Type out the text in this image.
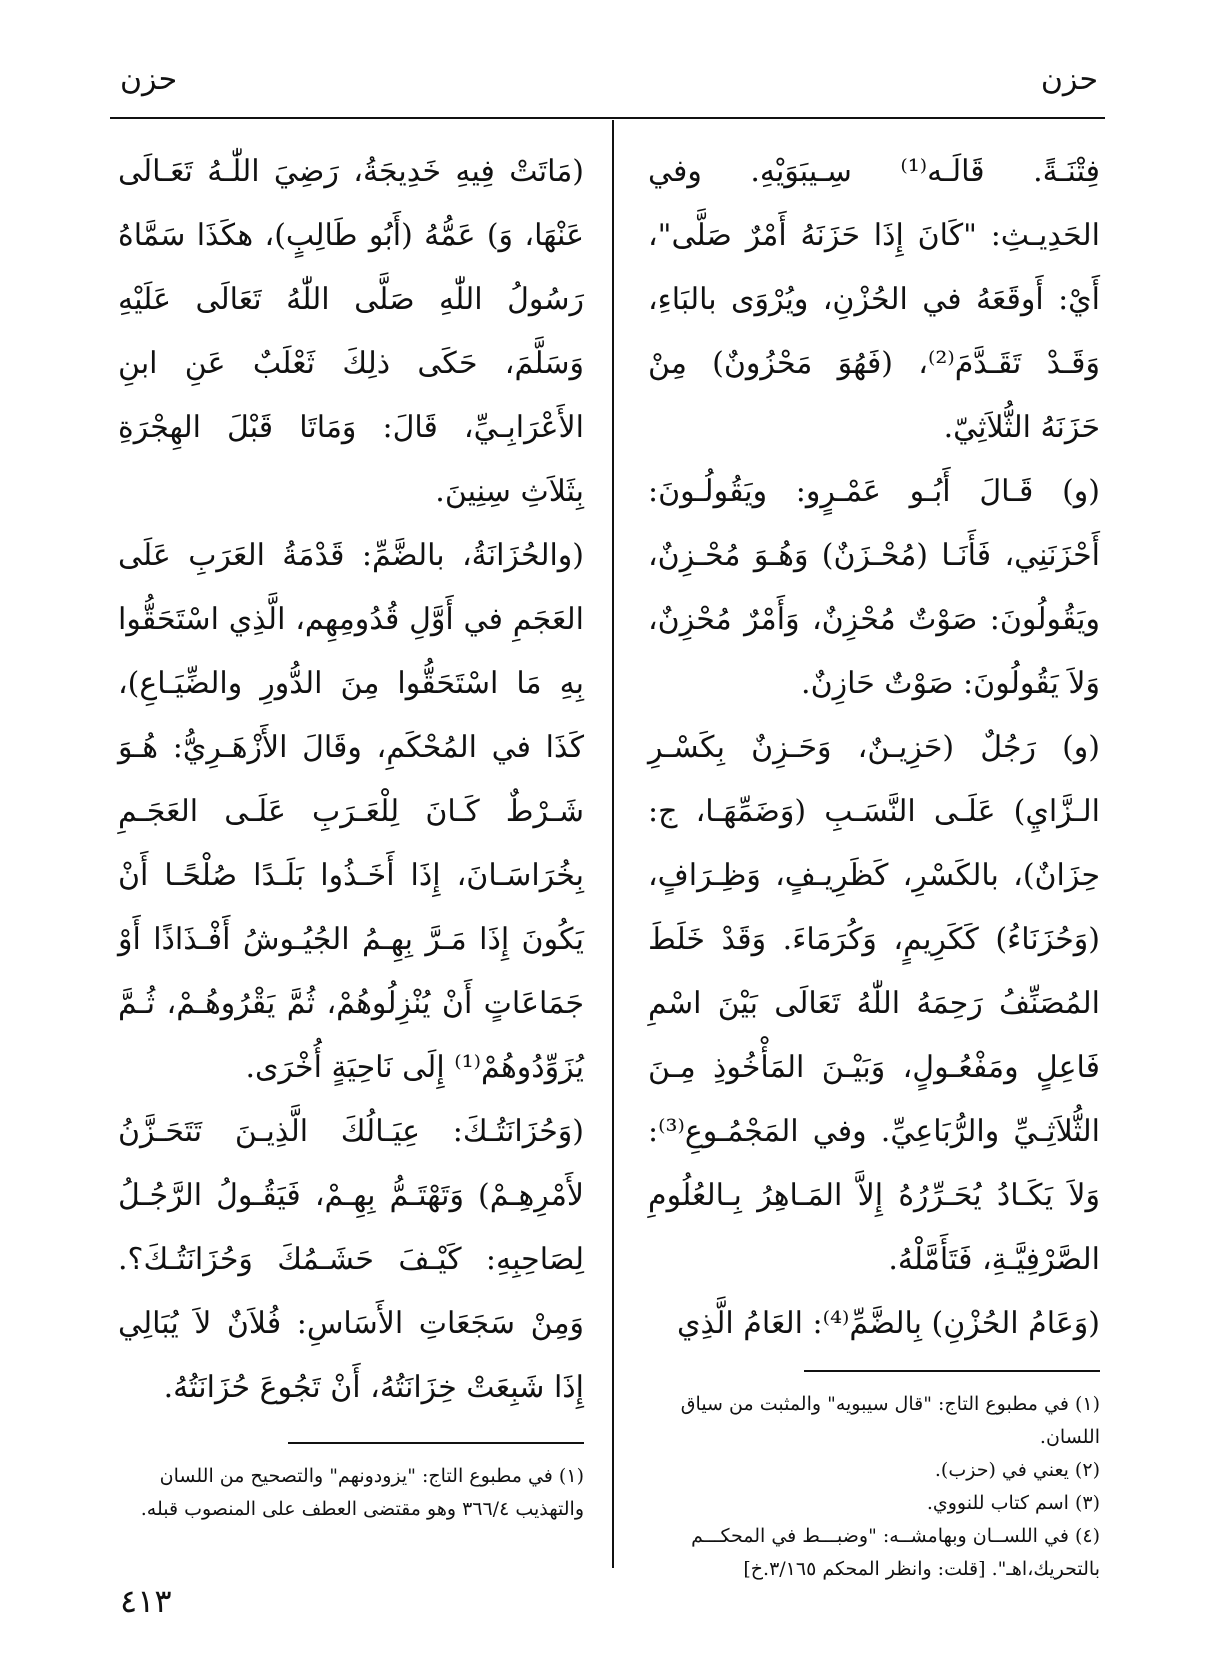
حزن	حزن

فِتْنَـةً. قَالَـه⁽¹⁾ سِـيبَوَيْهِ. وفي الحَدِيـثِ: "كَانَ إِذَا حَزَنَهُ أَمْرٌ صَلَّى"، أَيْ: أَوقَعَهُ في الحُزْنِ، ويُرْوَى بالبَاءِ، وَقَـدْ تَقَـدَّمَ⁽²⁾، (فَهُوَ مَحْزُونٌ) مِنْ حَزَنَهُ الثُّلاَثِيّ.

(و) قَـالَ أَبُـو عَمْـرٍو: ويَقُولُـونَ: أَحْزَنَنِي، فَأَنَـا (مُحْـزَنٌ) وَهُـوَ مُحْـزِنٌ، ويَقُولُونَ: صَوْتٌ مُحْزِنٌ، وَأَمْرٌ مُحْزِنٌ، وَلاَ يَقُولُونَ: صَوْتٌ حَازِنٌ.

(و) رَجُلٌ (حَزِيـنٌ، وَحَـزِنٌ بِكَسْـرِ الـزَّايِ) عَلَـى النَّسَـبِ (وَضَمِّهَـا، ج: حِزَانٌ)، بالكَسْرِ، كَظَرِيـفٍ، وَظِـرَافٍ، (وَحُزَنَاءُ) كَكَرِيمٍ، وَكُرَمَاءَ. وَقَدْ خَلَطَ المُصَنِّفُ رَحِمَهُ اللّٰهُ تَعَالَى بَيْنَ اسْمِ فَاعِلٍ ومَفْعُـولٍ، وَبَيْـنَ المَأْخُوذِ مِـنَ الثُّلاَثِـيِّ والرُّبَاعِيِّ. وفي المَجْمُـوعِ⁽³⁾: وَلاَ يَكَـادُ يُحَـرِّرُهُ إِلاَّ المَـاهِرُ بِـالعُلُومِ الصَّرْفِيَّـةِ، فَتَأَمَّلْهُ.

(وَعَامُ الحُزْنِ) بِالضَّمِّ⁽⁴⁾: العَامُ الَّذِي

(١) في مطبوع التاج: "قال سيبويه" والمثبت من سياق اللسان.

(٢) يعني في (حزب).

(٣) اسم كتاب للنووي.

(٤) في اللســان وبهامشــه: "وضبـــط في المحكـــم بالتحريك،اهـ". [قلت: وانظر المحكم ٣/١٦٥.خ]

(مَاتَتْ فِيهِ خَدِيجَةُ، رَضِيَ اللّٰـهُ تَعَـالَى عَنْهَا، وَ) عَمُّهُ (أَبُو طَالِبٍ)، هكَذَا سَمَّاهُ رَسُولُ اللّٰهِ صَلَّى اللّٰهُ تَعَالَى عَلَيْهِ وَسَلَّمَ، حَكَى ذلِكَ ثَعْلَبٌ عَنِ ابنِ الأَعْرَابِـيِّ، قَالَ: وَمَاتَا قَبْلَ الهِجْرَةِ بِثَلاَثِ سِنِينَ.

(والحُزَانَةُ، بالضَّمِّ: قَدْمَةُ العَرَبِ عَلَى العَجَمِ في أَوَّلِ قُدُومِهِم، الَّذِي اسْتَحَقُّوا بِهِ مَا اسْتَحَقُّوا مِنَ الدُّورِ والضِّيَـاعِ)، كَذَا في المُحْكَمِ، وقَالَ الأَزْهَـرِيُّ: هُـوَ شَـرْطٌ كَـانَ لِلْعَـرَبِ عَلَـى العَجَـمِ بِخُرَاسَـانَ، إِذَا أَخَـذُوا بَلَـدًا صُلْحًـا أَنْ يَكُونَ إِذَا مَـرَّ بِهِـمُ الجُيُـوشُ أَفْـذَاذًا أَوْ جَمَاعَاتٍ أَنْ يُنْزِلُوهُمْ، ثُمَّ يَقْرُوهُـمْ، ثُـمَّ يُزَوِّدُوهُمْ⁽¹⁾ إِلَى نَاحِيَةٍ أُخْرَى.

(وَحُزَانَتُـكَ: عِيَـالُكَ الَّذِيـنَ تَتَحَـزَّنُ لأَمْرِهِـمْ) وَتَهْتَـمُّ بِهِـمْ، فَيَقُـولُ الرَّجُـلُ لِصَاحِبِهِ: كَيْـفَ حَشَـمُكَ وَحُزَانَتُـكَ؟. وَمِنْ سَجَعَاتِ الأَسَاسِ: فُلاَنٌ لاَ يُبَالِي إِذَا شَبِعَتْ خِزَانَتُهُ، أَنْ تَجُوعَ حُزَانَتُهُ.

(١) في مطبوع التاج: "يزودونهم" والتصحيح من اللسان والتهذيب ٣٦٦/٤ وهو مقتضى العطف على المنصوب قبله.

٤١٣
